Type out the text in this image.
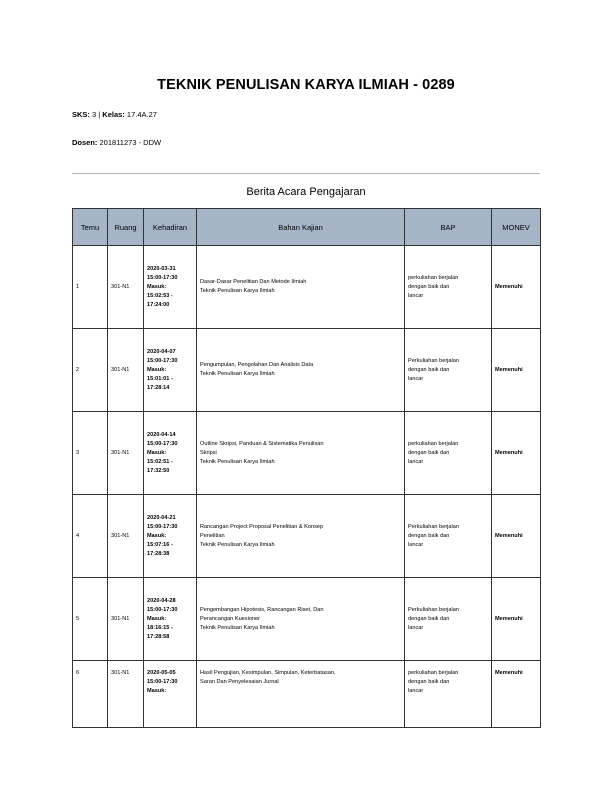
TEKNIK PENULISAN KARYA ILMIAH - 0289
SKS: 3 | Kelas: 17.4A.27
Dosen: 201811273 - DDW
Berita Acara Pengajaran
Temu	Ruang	Kehadiran	Bahan Kajian	BAP	MONEV
1	301-N1	2020-03-31
15:00-17:30
Masuk:
15:02:53 -
17:24:00	Dasar-Dasar Penelitian Dan Metode Ilmiah
Teknik Penulisan Karya Ilmiah	perkuliahan berjalan
dengan baik dan
lancar	Memenuhi
2	301-N1	2020-04-07
15:00-17:30
Masuk:
15:01:01 -
17:28:14	Pengumpulan, Pengolahan Dan Analisis Data
Teknik Penulisan Karya Ilmiah	Perkuliahan berjalan
dengan baik dan
lancar	Memenuhi
3	301-N1	2020-04-14
15:00-17:30
Masuk:
15:02:51 -
17:32:50	Outline Skripsi, Panduan & Sistematika Penulisan
Skripsi
Teknik Penulisan Karya Ilmiah	perkuliahan berjalan
dengan baik dan
lancar	Memenuhi
4	301-N1	2020-04-21
15:00-17:30
Masuk:
15:07:16 -
17:28:38	Rancangan Project Proposal Penelitian & Konsep
Penelitian
Teknik Penulisan Karya Ilmiah	Perkuliahan berjalan
dengan baik dan
lancar	Memenuhi
5	301-N1	2020-04-28
15:00-17:30
Masuk:
18:16:15 -
17:28:58	Pengembangan Hipotesis, Rancangan Riset, Dan
Perancangan Kuesioner
Teknik Penulisan Karya Ilmiah	Perkuliahan berjalan
dengan baik dan
lancar	Memenuhi
6	301-N1	2020-05-05
15:00-17:30
Masuk:	Hasil Pengujian, Kesimpulan, Simpulan, Keterbatasan,
Saran Dan Penyelesaian Jurnal	perkuliahan berjalan
dengan baik dan
lancar	Memenuhi
